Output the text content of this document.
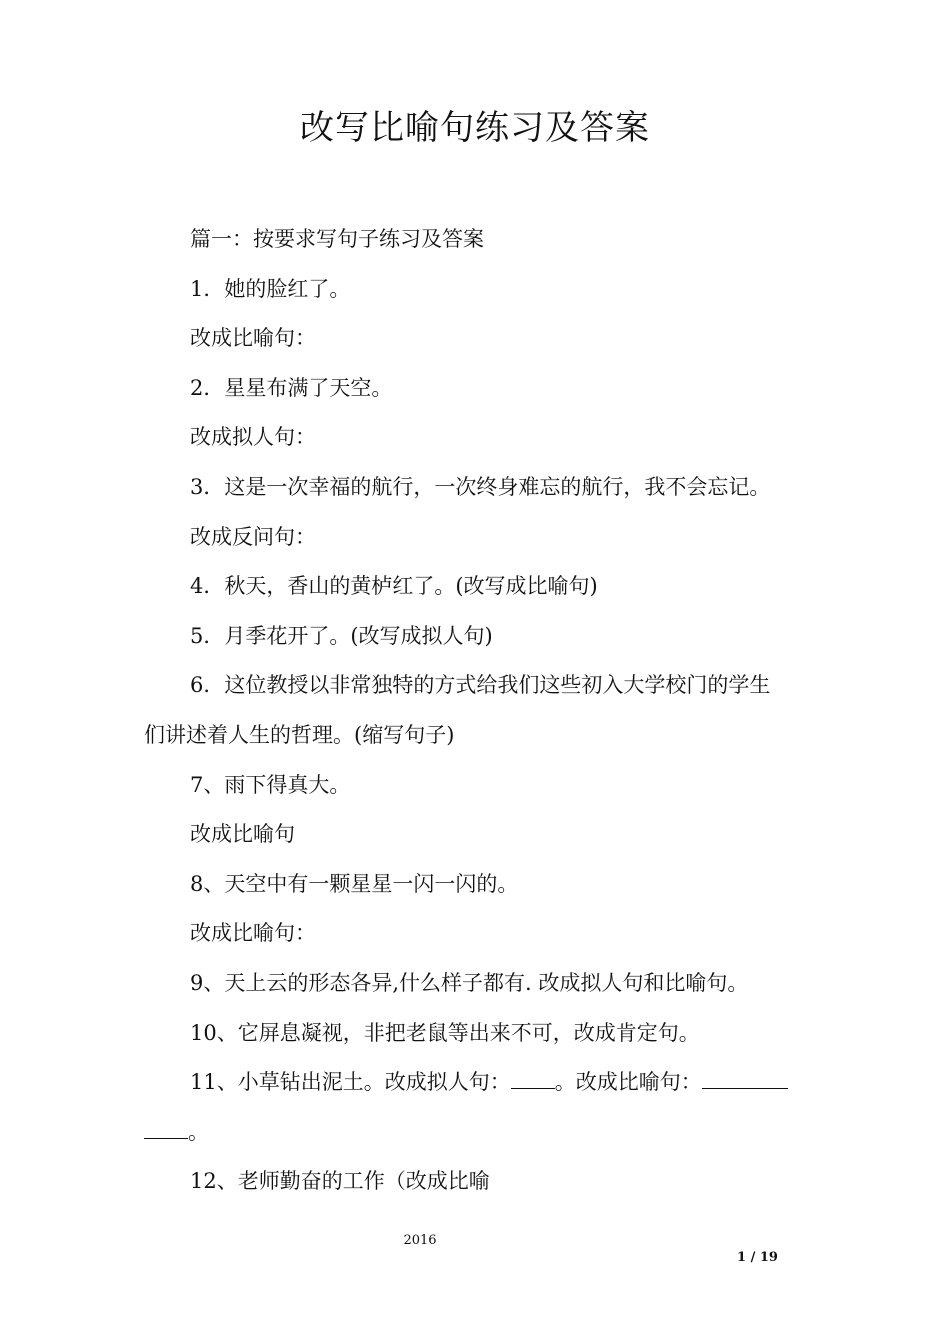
改写比喻句练习及答案
篇一：按要求写句子练习及答案
1．她的脸红了。
改成比喻句：
2．星星布满了天空。
改成拟人句：
3．这是一次幸福的航行，一次终身难忘的航行，我不会忘记。
改成反问句：
4．秋天，香山的黄栌红了。(改写成比喻句)
5．月季花开了。(改写成拟人句)
6．这位教授以非常独特的方式给我们这些初入大学校门的学生
们讲述着人生的哲理。(缩写句子)
7、雨下得真大。
改成比喻句
8、天空中有一颗星星一闪一闪的。
改成比喻句：
9、天上云的形态各异,什么样子都有. 改成拟人句和比喻句。
10、它屏息凝视，非把老鼠等出来不可，改成肯定句。
11、小草钻出泥土。改成拟人句： 。改成比喻句：
。
12、老师勤奋的工作（改成比喻
2016
1 / 19
